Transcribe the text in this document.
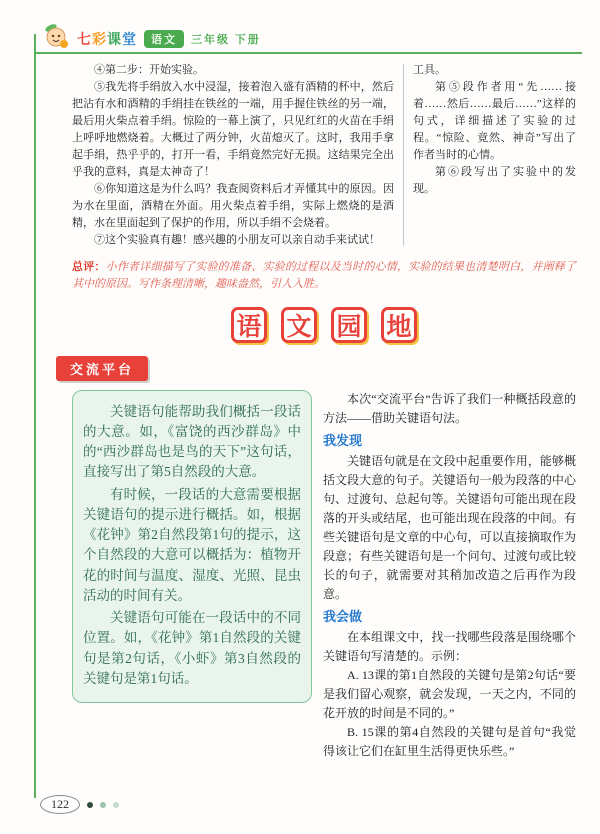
七彩课堂	语文	三年级 下册

④第二步：开始实验。

⑤我先将手绢放入水中浸湿，接着泡入盛有酒精的杯中，然后把沾有水和酒精的手绢挂在铁丝的一端，用手握住铁丝的另一端，最后用火柴点着手绢。惊险的一幕上演了，只见红红的火苗在手绢上呼呼地燃烧着。大概过了两分钟，火苗熄灭了。这时，我用手拿起手绢，热乎乎的，打开一看，手绢竟然完好无损。这结果完全出乎我的意料，真是太神奇了！

⑥你知道这是为什么吗？我查阅资料后才弄懂其中的原因。因为水在里面，酒精在外面。用火柴点着手绢，实际上燃烧的是酒精，水在里面起到了保护的作用，所以手绢不会烧着。

⑦这个实验真有趣！感兴趣的小朋友可以亲自动手来试试！

工具。

第⑤段作者用“先……接着……然后……最后……”这样的句式，详细描述了实验的过程。“惊险、竟然、神奇”写出了作者当时的心情。

第⑥段写出了实验中的发现。

总评：小作者详细描写了实验的准备、实验的过程以及当时的心情，实验的结果也清楚明白，并阐释了其中的原因。写作条理清晰，趣味盎然，引人入胜。

语 文 园 地
交流平台

关键语句能帮助我们概括一段话的大意。如，《富饶的西沙群岛》中的“西沙群岛也是鸟的天下”这句话，直接写出了第5自然段的大意。

有时候，一段话的大意需要根据关键语句的提示进行概括。如，根据《花钟》第2自然段第1句的提示，这个自然段的大意可以概括为：植物开花的时间与温度、湿度、光照、昆虫活动的时间有关。

关键语句可能在一段话中的不同位置。如，《花钟》第1自然段的关键句是第2句话，《小虾》第3自然段的关键句是第1句话。

本次“交流平台”告诉了我们一种概括段意的方法——借助关键语句法。

我发现

关键语句就是在文段中起重要作用，能够概括文段大意的句子。关键语句一般为段落的中心句、过渡句、总起句等。关键语句可能出现在段落的开头或结尾，也可能出现在段落的中间。有些关键语句是文章的中心句，可以直接摘取作为段意；有些关键语句是一个问句、过渡句或比较长的句子，就需要对其稍加改造之后再作为段意。

我会做

在本组课文中，找一找哪些段落是围绕哪个关键语句写清楚的。示例：

A. 13课的第1自然段的关键句是第2句话“要是我们留心观察，就会发现，一天之内，不同的花开放的时间是不同的。”

B. 15课的第4自然段的关键句是首句“我觉得该让它们在缸里生活得更快乐些。”

122
